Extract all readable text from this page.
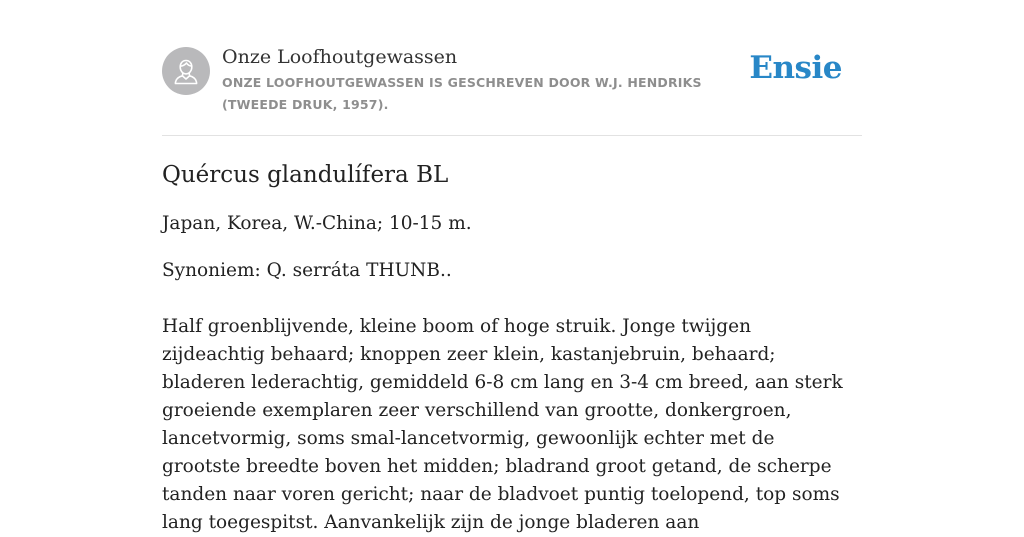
Onze Loofhoutgewassen
ONZE LOOFHOUTGEWASSEN IS GESCHREVEN DOOR W.J. HENDRIKS (TWEEDE DRUK, 1957).
Ensie
Quércus glandulífera BL

Japan, Korea, W.-China; 10-15 m.

Synoniem: Q. serráta THUNB..

Half groenblijvende, kleine boom of hoge struik. Jonge twijgen zijdeachtig behaard; knoppen zeer klein, kastanjebruin, behaard; bladeren lederachtig, gemiddeld 6-8 cm lang en 3-4 cm breed, aan sterk groeiende exemplaren zeer verschillend van grootte, donkergroen, lancetvormig, soms smal-lancetvormig, gewoonlijk echter met de grootste breedte boven het midden; bladrand groot getand, de scherpe tanden naar voren gericht; naar de bladvoet puntig toelopend, top soms lang toegespitst. Aanvankelijk zijn de jonge bladeren aan
